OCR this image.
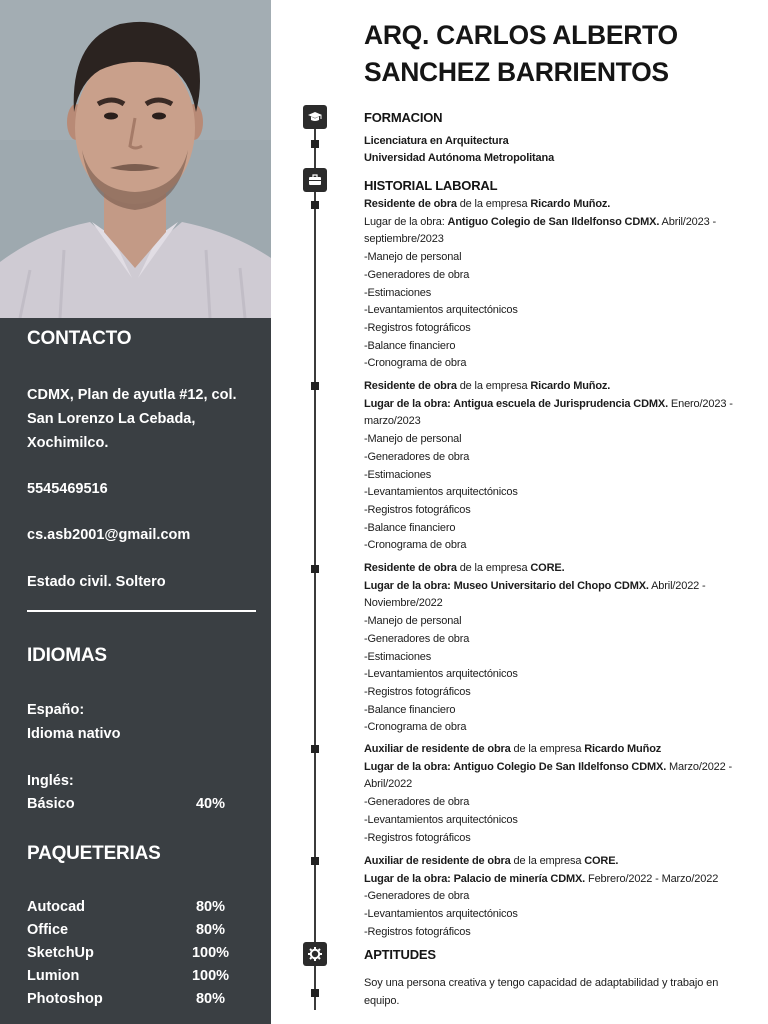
CONTACTO
CDMX, Plan de ayutla #12, col.
San Lorenzo La Cebada,
Xochimilco.
5545469516
cs.asb2001@gmail.com
Estado civil. Soltero
IDIOMAS
Españo:
Idioma nativo
Inglés:
Básico	40%
PAQUETERIAS
Autocad	80%
Office	80%
SketchUp	100%
Lumion	100%
Photoshop	80%
ARQ. CARLOS ALBERTO
SANCHEZ BARRIENTOS
FORMACION
Licenciatura en Arquitectura
Universidad Autónoma Metropolitana
HISTORIAL LABORAL
Residente de obra de la empresa Ricardo Muñoz.
Lugar de la obra: Antiguo Colegio de San Ildelfonso CDMX. Abril/2023 - septiembre/2023
-Manejo de personal
-Generadores de obra
-Estimaciones
-Levantamientos arquitectónicos
-Registros fotográficos
-Balance financiero
-Cronograma de obra
Residente de obra de la empresa Ricardo Muñoz.
Lugar de la obra: Antigua escuela de Jurisprudencia CDMX. Enero/2023 - marzo/2023
-Manejo de personal
-Generadores de obra
-Estimaciones
-Levantamientos arquitectónicos
-Registros fotográficos
-Balance financiero
-Cronograma de obra
Residente de obra de la empresa CORE.
Lugar de la obra: Museo Universitario del Chopo CDMX. Abril/2022 - Noviembre/2022
-Manejo de personal
-Generadores de obra
-Estimaciones
-Levantamientos arquitectónicos
-Registros fotográficos
-Balance financiero
-Cronograma de obra
Auxiliar de residente de obra de la empresa Ricardo Muñoz
Lugar de la obra: Antiguo Colegio De San Ildelfonso CDMX. Marzo/2022 - Abril/2022
-Generadores de obra
-Levantamientos arquitectónicos
-Registros fotográficos
Auxiliar de residente de obra de la empresa CORE.
Lugar de la obra: Palacio de minería CDMX. Febrero/2022 - Marzo/2022
-Generadores de obra
-Levantamientos arquitectónicos
-Registros fotográficos
APTITUDES
Soy una persona creativa y tengo capacidad de adaptabilidad y trabajo en equipo.
